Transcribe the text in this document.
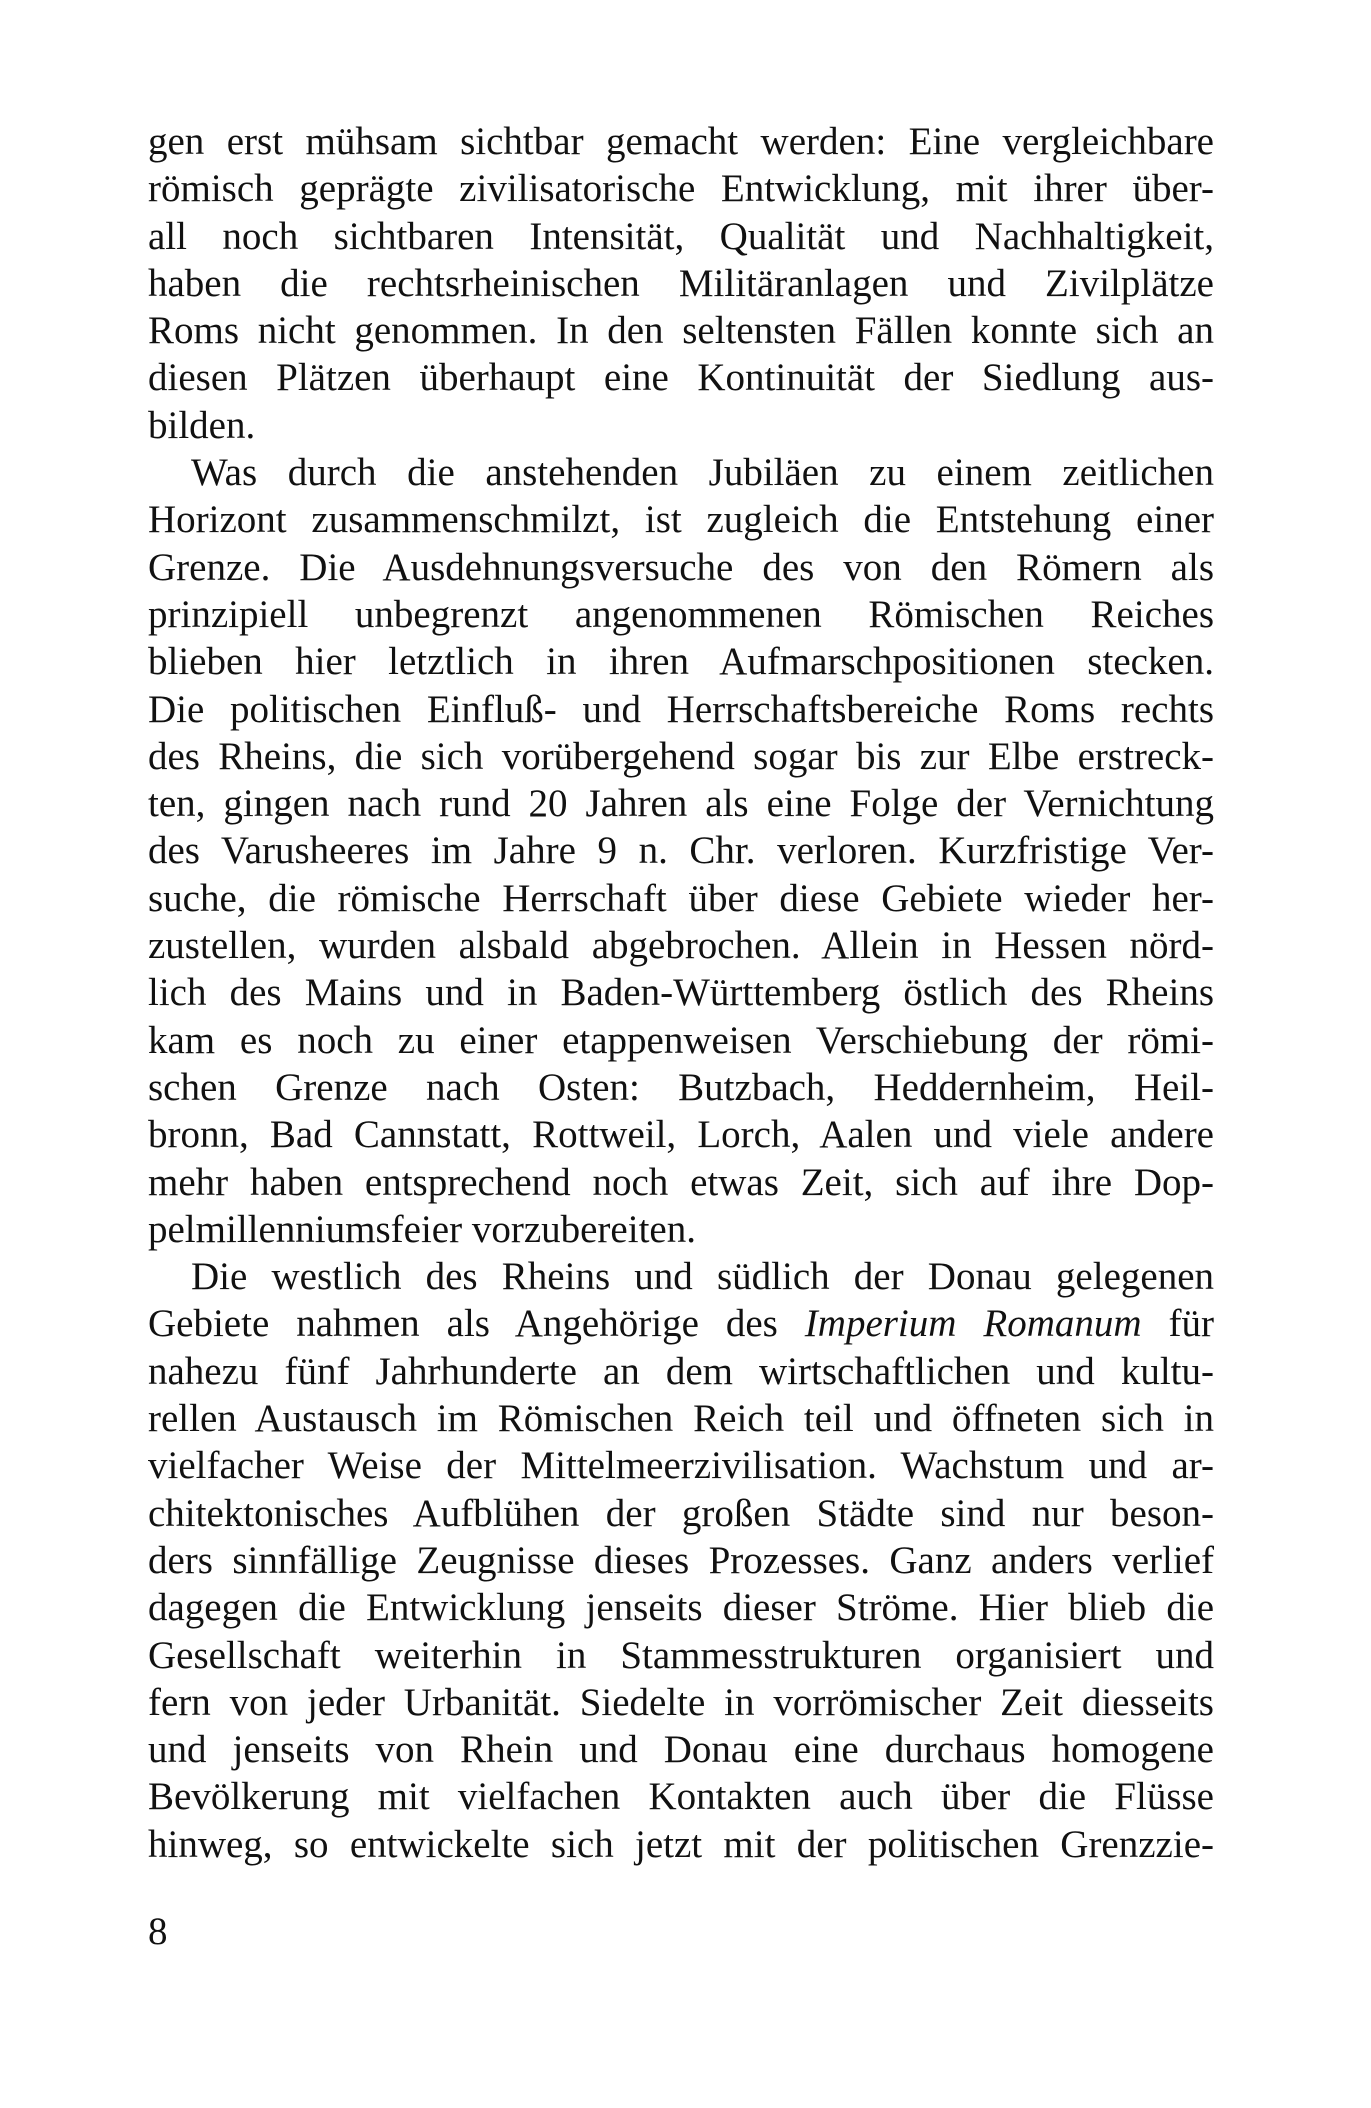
gen erst mühsam sichtbar gemacht werden: Eine vergleichbare
römisch geprägte zivilisatorische Entwicklung, mit ihrer über-
all noch sichtbaren Intensität, Qualität und Nachhaltigkeit,
haben die rechtsrheinischen Militäranlagen und Zivilplätze
Roms nicht genommen. In den seltensten Fällen konnte sich an
diesen Plätzen überhaupt eine Kontinuität der Siedlung aus-
bilden.
Was durch die anstehenden Jubiläen zu einem zeitlichen
Horizont zusammenschmilzt, ist zugleich die Entstehung einer
Grenze. Die Ausdehnungsversuche des von den Römern als
prinzipiell unbegrenzt angenommenen Römischen Reiches
blieben hier letztlich in ihren Aufmarschpositionen stecken.
Die politischen Einfluß- und Herrschaftsbereiche Roms rechts
des Rheins, die sich vorübergehend sogar bis zur Elbe erstreck-
ten, gingen nach rund 20 Jahren als eine Folge der Vernichtung
des Varusheeres im Jahre 9 n. Chr. verloren. Kurzfristige Ver-
suche, die römische Herrschaft über diese Gebiete wieder her-
zustellen, wurden alsbald abgebrochen. Allein in Hessen nörd-
lich des Mains und in Baden-Württemberg östlich des Rheins
kam es noch zu einer etappenweisen Verschiebung der römi-
schen Grenze nach Osten: Butzbach, Heddernheim, Heil-
bronn, Bad Cannstatt, Rottweil, Lorch, Aalen und viele andere
mehr haben entsprechend noch etwas Zeit, sich auf ihre Dop-
pelmillenniumsfeier vorzubereiten.
Die westlich des Rheins und südlich der Donau gelegenen
Gebiete nahmen als Angehörige des Imperium Romanum für
nahezu fünf Jahrhunderte an dem wirtschaftlichen und kultu-
rellen Austausch im Römischen Reich teil und öffneten sich in
vielfacher Weise der Mittelmeerzivilisation. Wachstum und ar-
chitektonisches Aufblühen der großen Städte sind nur beson-
ders sinnfällige Zeugnisse dieses Prozesses. Ganz anders verlief
dagegen die Entwicklung jenseits dieser Ströme. Hier blieb die
Gesellschaft weiterhin in Stammesstrukturen organisiert und
fern von jeder Urbanität. Siedelte in vorrömischer Zeit diesseits
und jenseits von Rhein und Donau eine durchaus homogene
Bevölkerung mit vielfachen Kontakten auch über die Flüsse
hinweg, so entwickelte sich jetzt mit der politischen Grenzzie-
8
